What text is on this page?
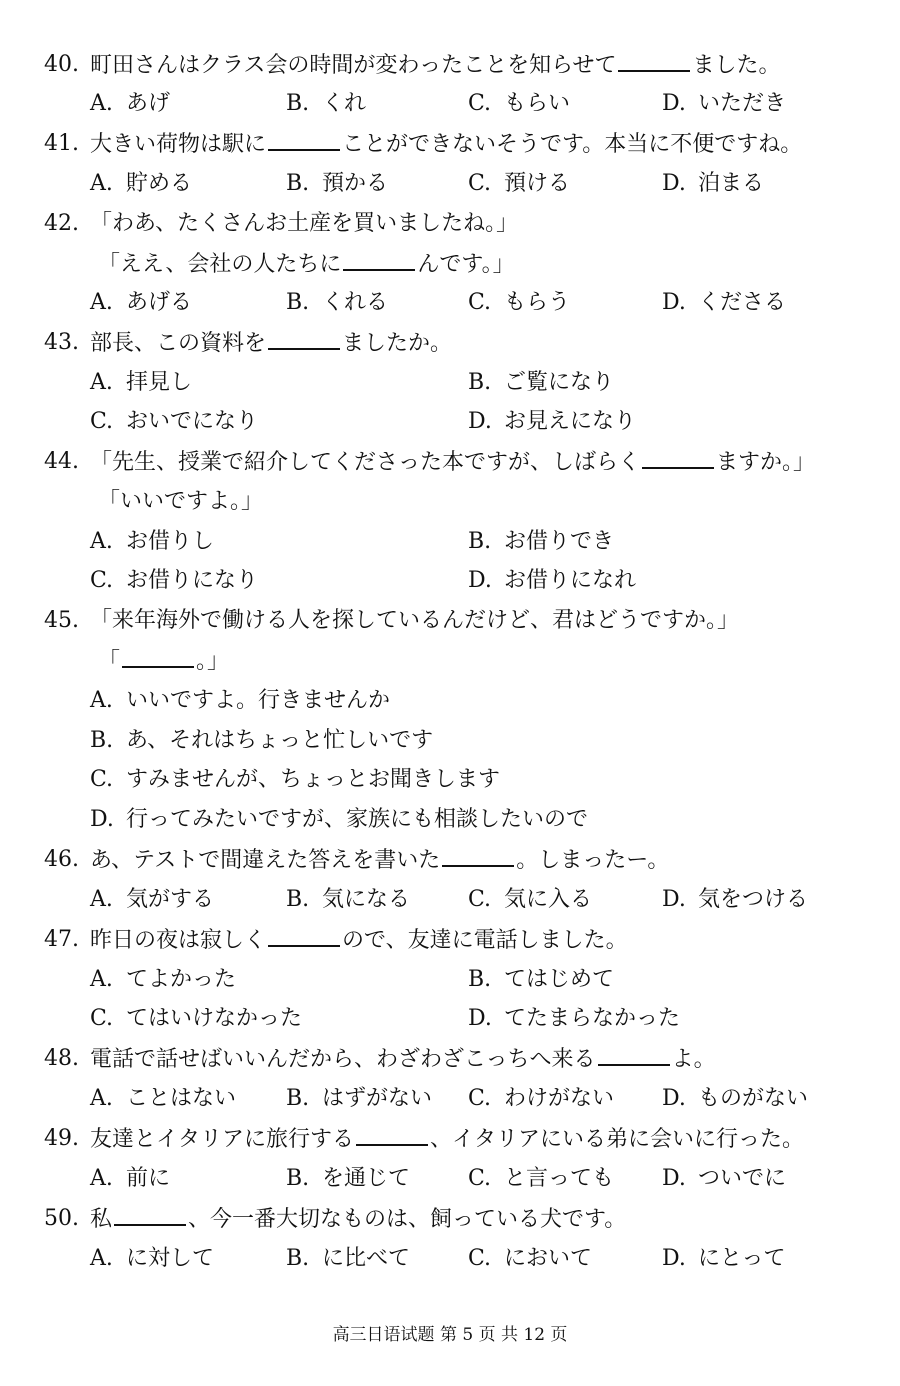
40. 町田さんはクラス会の時間が変わったことを知らせて	ました。
A. あげ	B. くれ	C. もらい	D. いただき
41. 大きい荷物は駅に	ことができないそうです。本当に不便ですね。
A. 貯める	B. 預かる	C. 預ける	D. 泊まる
42. 「わあ、たくさんお土産を買いましたね。」
「ええ、会社の人たちに	んです。」
A. あげる	B. くれる	C. もらう	D. くださる
43. 部長、この資料を	ましたか。
A. 拝見し	B. ご覧になり
C. おいでになり	D. お見えになり
44. 「先生、授業で紹介してくださった本ですが、しばらく	ますか。」
「いいですよ。」
A. お借りし	B. お借りでき
C. お借りになり	D. お借りになれ
45. 「来年海外で働ける人を探しているんだけど、君はどうですか。」
「	。」
A. いいですよ。行きませんか
B. あ、それはちょっと忙しいです
C. すみませんが、ちょっとお聞きします
D. 行ってみたいですが、家族にも相談したいので
46. あ、テストで間違えた答えを書いた	。しまったー。
A. 気がする	B. 気になる	C. 気に入る	D. 気をつける
47. 昨日の夜は寂しく	ので、友達に電話しました。
A. てよかった	B. てはじめて
C. てはいけなかった	D. てたまらなかった
48. 電話で話せばいいんだから、わざわざこっちへ来る	よ。
A. ことはない B. はずがない C. わけがない D. ものがない
49. 友達とイタリアに旅行する	、イタリアにいる弟に会いに行った。
A. 前に	B. を通じて	C. と言っても D. ついでに
50. 私	、今一番大切なものは、飼っている犬です。
A. に対して	B. に比べて	C. において	D. にとって
高三日语试题 第 5 页 共 12 页
